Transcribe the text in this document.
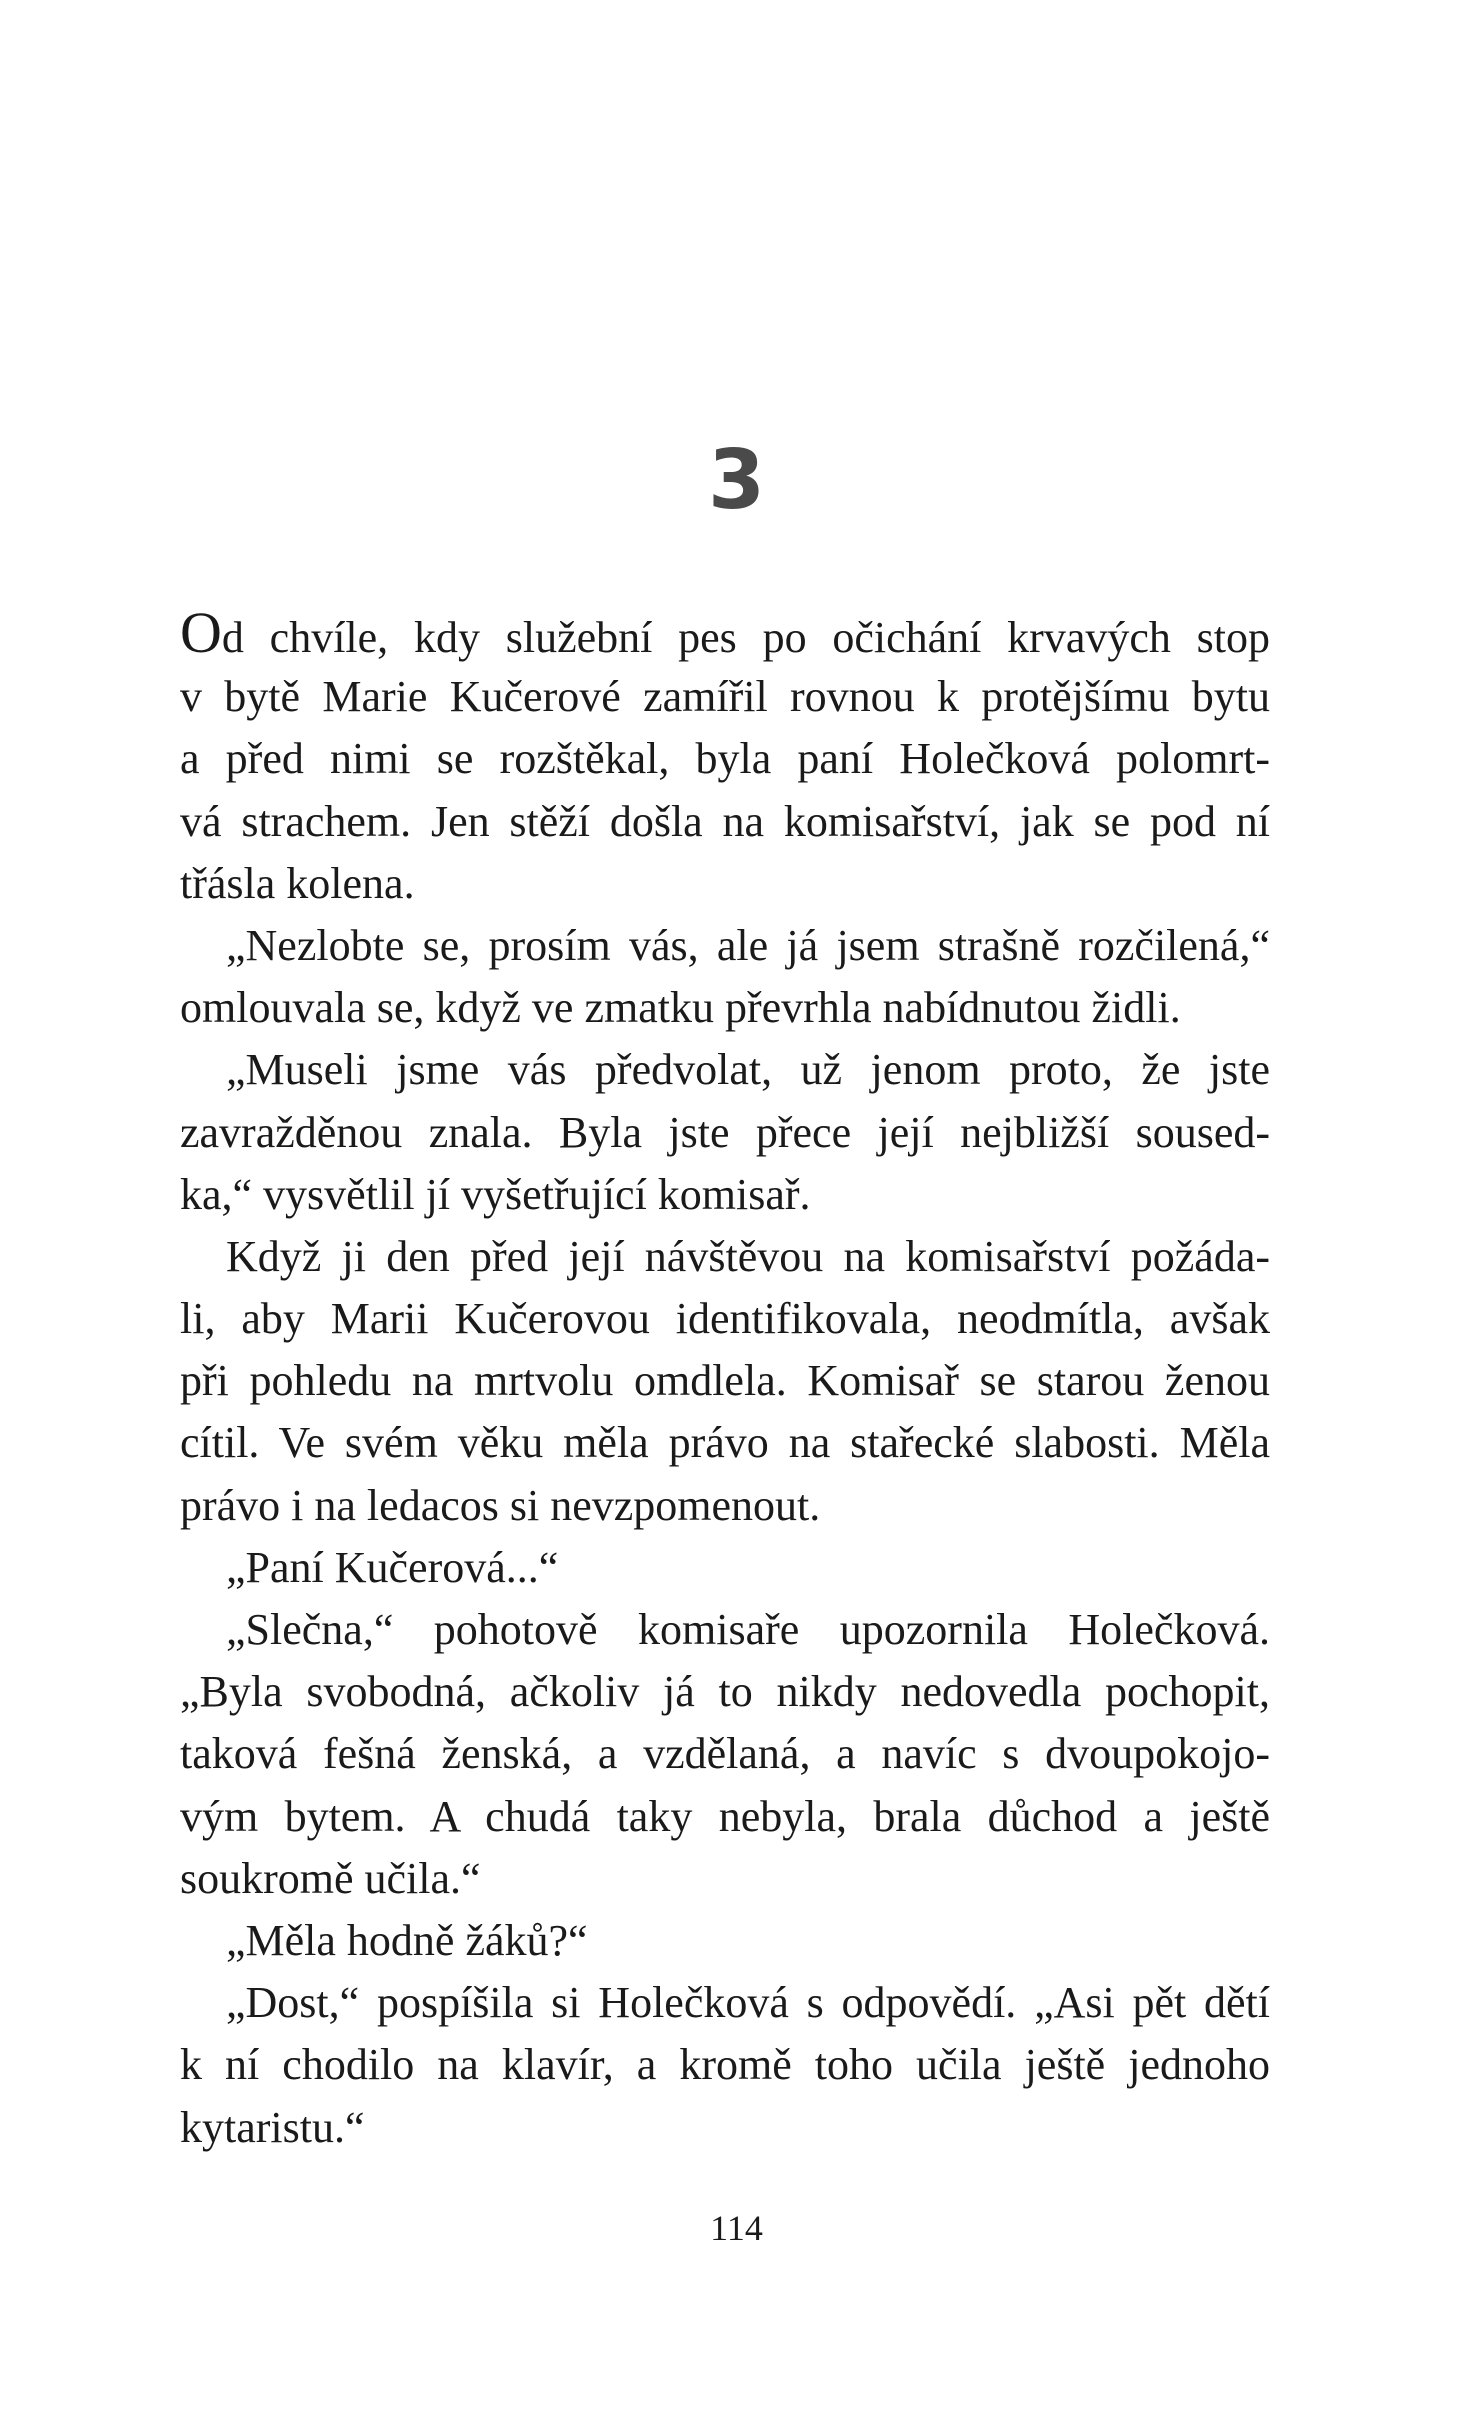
3
Od chvíle, kdy služební pes po očichání krvavých stop
v bytě Marie Kučerové zamířil rovnou k protějšímu bytu
a před nimi se rozštěkal, byla paní Holečková polomrt-
vá strachem. Jen stěží došla na komisařství, jak se pod ní
třásla kolena.
„Nezlobte se, prosím vás, ale já jsem strašně rozčilená,“
omlouvala se, když ve zmatku převrhla nabídnutou židli.
„Museli jsme vás předvolat, už jenom proto, že jste
zavražděnou znala. Byla jste přece její nejbližší soused-
ka,“ vysvětlil jí vyšetřující komisař.
Když ji den před její návštěvou na komisařství požáda-
li, aby Marii Kučerovou identifikovala, neodmítla, avšak
při pohledu na mrtvolu omdlela. Komisař se starou ženou
cítil. Ve svém věku měla právo na stařecké slabosti. Měla
právo i na ledacos si nevzpomenout.
„Paní Kučerová...“
„Slečna,“ pohotově komisaře upozornila Holečková.
„Byla svobodná, ačkoliv já to nikdy nedovedla pochopit,
taková fešná ženská, a vzdělaná, a navíc s dvoupokojo-
vým bytem. A chudá taky nebyla, brala důchod a ještě
soukromě učila.“
„Měla hodně žáků?“
„Dost,“ pospíšila si Holečková s odpovědí. „Asi pět dětí
k ní chodilo na klavír, a kromě toho učila ještě jednoho
kytaristu.“
114
